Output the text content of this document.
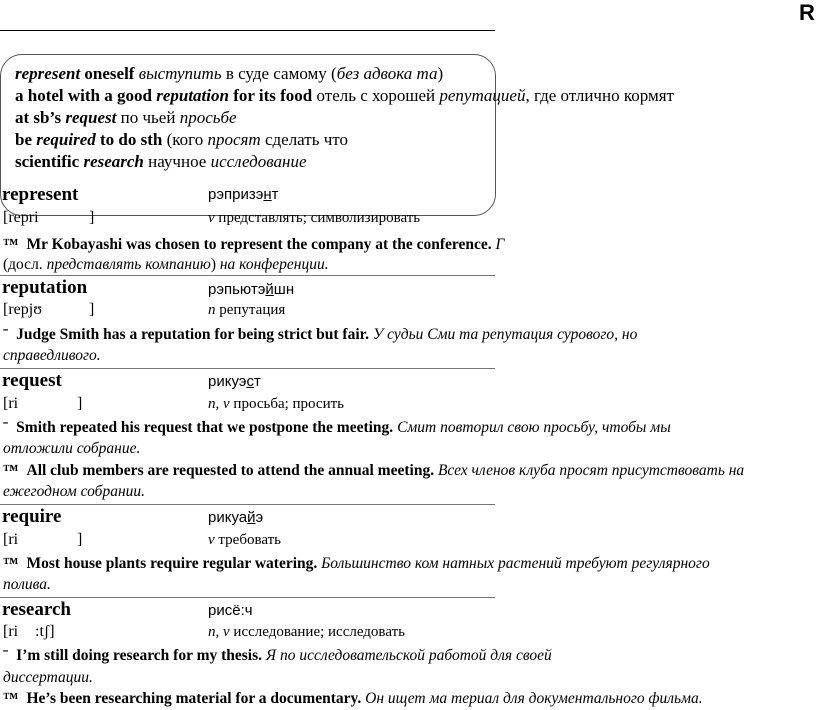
R
represent oneself выступить в суде самому (без адвока та)
a hotel with a good reputation for its food отель с хорошей репутацией, где отлично кормят
at sb’s request по чьей просьбе
be required to do sth (кого просят сделать что
scientific research научное исследование
represent	рэпризэнт
[repri	]	v представлять; символизировать
™ Mr Kobayashi was chosen to represent the company at the conference. Г
(досл. представлять компанию) на конференции.
reputation	рэпьютэйшн
[repjʊ	]	n репутация
ˉ Judge Smith has a reputation for being strict but fair. У судьи Сми та репутация сурового, но
справедливого.
request	рикуэст
[ri	]	n, v просьба; просить
ˉ Smith repeated his request that we postpone the meeting. Смит повторил свою просьбу, чтобы мы
отложили собрание.
™ All club members are requested to attend the annual meeting. Всех членов клуба просят присутствовать на
ежегодном собрании.
require	рикуайэ
[ri	]	v требовать
™ Most house plants require regular watering. Большинство ком натных растений требуют регулярного
полива.
research	рисё:ч
[ri :tʃ]	n, v исследование; исследовать
ˉ I’m still doing research for my thesis. Я по исследовательской работой для своей
диссертации.
™ He’s been researching material for a documentary. Он ищет ма териал для документального фильма.
